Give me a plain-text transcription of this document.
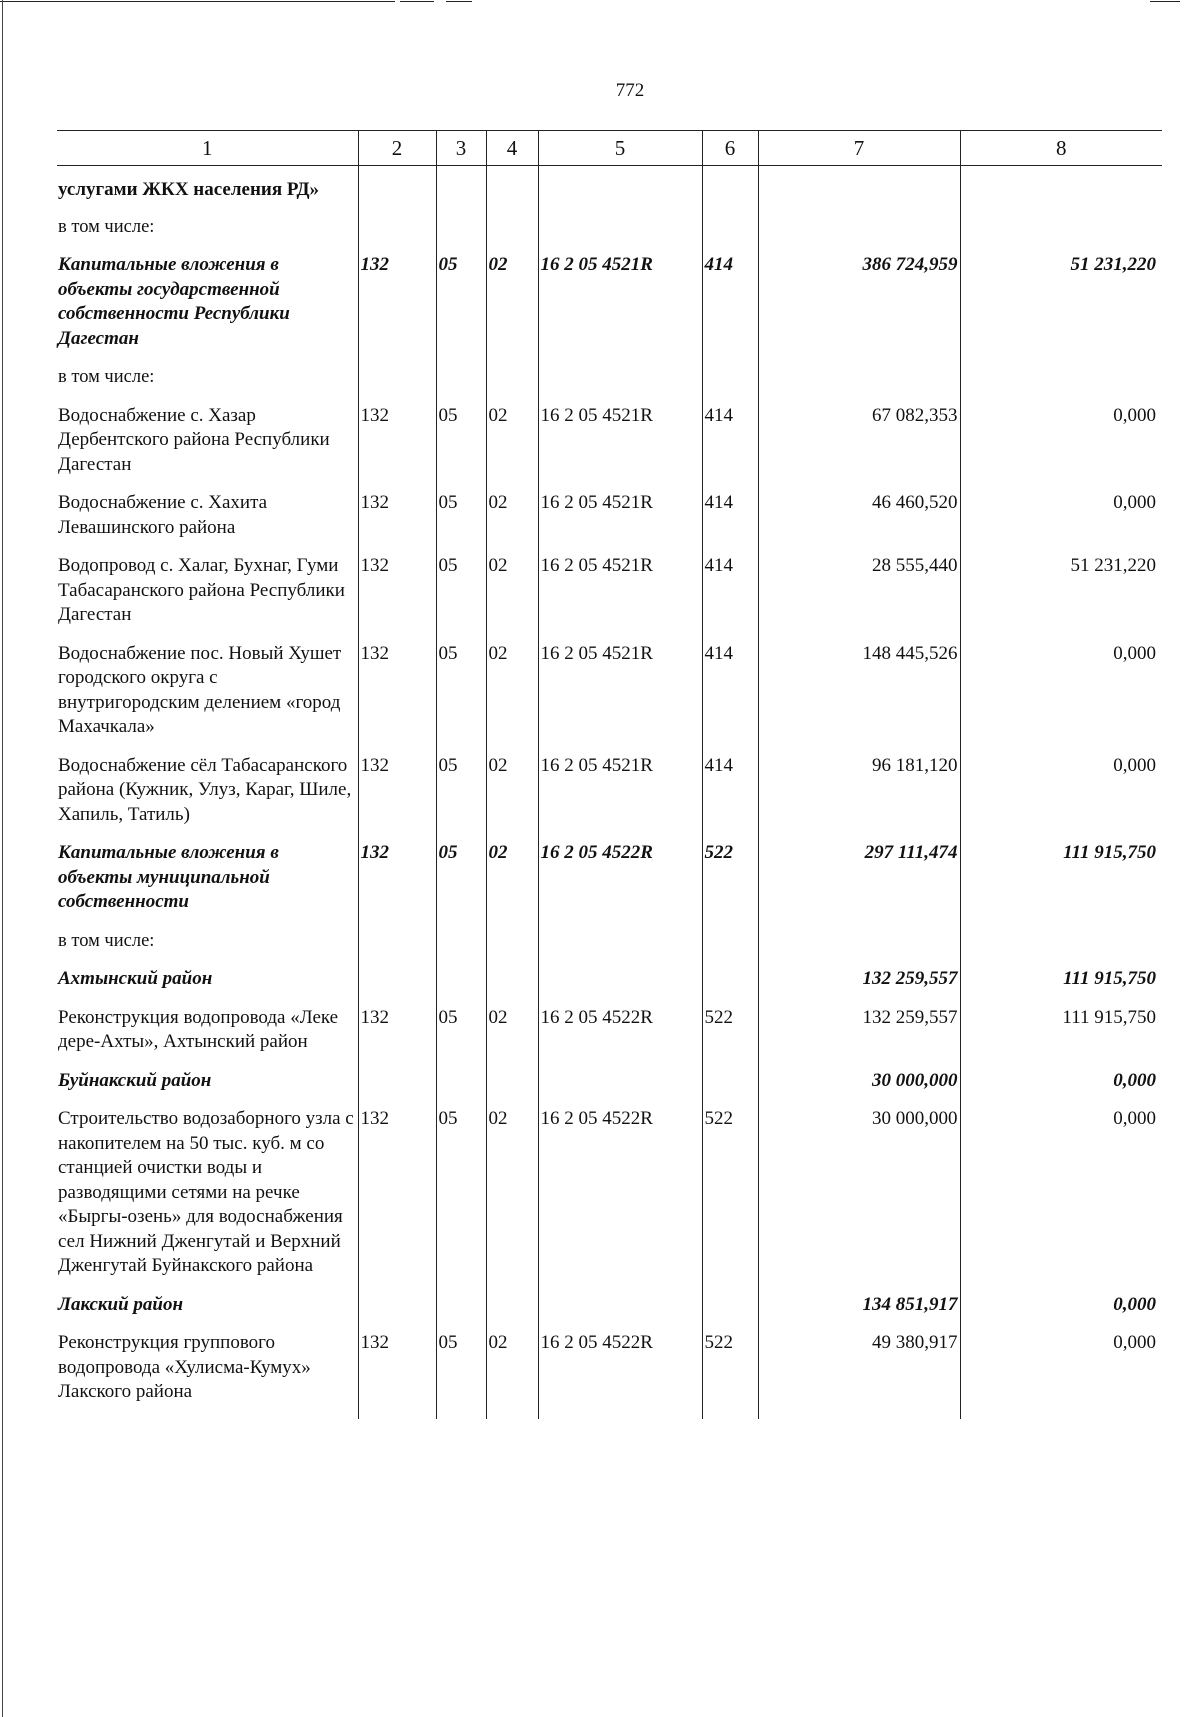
772
1	2	3	4	5	6	7	8
услугами ЖКХ населения РД»							
в том числе:							
Капитальные вложения в объекты государственной собственности Республики Дагестан	132	05	02	16 2 05 4521R	414	386 724,959	51 231,220
в том числе:							
Водоснабжение с. Хазар Дербентского района Республики Дагестан	132	05	02	16 2 05 4521R	414	67 082,353	0,000
Водоснабжение с. Хахита Левашинского района	132	05	02	16 2 05 4521R	414	46 460,520	0,000
Водопровод с. Халаг, Бухнаг, Гуми Табасаранского района Республики Дагестан	132	05	02	16 2 05 4521R	414	28 555,440	51 231,220
Водоснабжение пос. Новый Хушет городского округа с внутригородским делением «город Махачкала»	132	05	02	16 2 05 4521R	414	148 445,526	0,000
Водоснабжение сёл Табасаранского района (Кужник, Улуз, Караг, Шиле, Хапиль, Татиль)	132	05	02	16 2 05 4521R	414	96 181,120	0,000
Капитальные вложения в объекты муниципальной собственности	132	05	02	16 2 05 4522R	522	297 111,474	111 915,750
в том числе:							
Ахтынский район						132 259,557	111 915,750
Реконструкция водопровода «Леке дере-Ахты», Ахтынский район	132	05	02	16 2 05 4522R	522	132 259,557	111 915,750
Буйнакский район						30 000,000	0,000
Строительство водозаборного узла с накопителем на 50 тыс. куб. м со станцией очистки воды и разводящими сетями на речке «Быргы-озень» для водоснабжения сел Нижний Дженгутай и Верхний Дженгутай Буйнакского района	132	05	02	16 2 05 4522R	522	30 000,000	0,000
Лакский район						134 851,917	0,000
Реконструкция группового водопровода «Хулисма-Кумух» Лакского района	132	05	02	16 2 05 4522R	522	49 380,917	0,000
